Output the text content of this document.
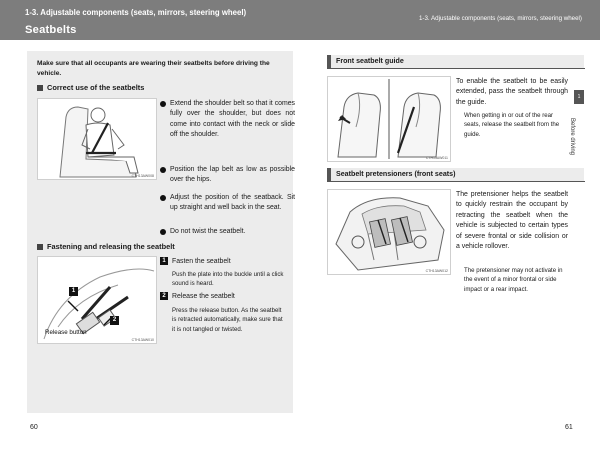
1-3. Adjustable components (seats, mirrors, steering wheel)
Seatbelts
Make sure that all occupants are wearing their seatbelts before driving the vehicle.
Correct use of the seatbelts
CTH13AW008
Extend the shoulder belt so that it comes fully over the shoulder, but does not come into contact with the neck or slide off the shoulder.
Position the lap belt as low as possible over the hips.
Adjust the position of the seatback. Sit up straight and well back in the seat.
Do not twist the seatbelt.
Fastening and releasing the seatbelt
1
2
Release button
CTH13AW010
1 Fasten the seatbelt
Push the plate into the buckle until a click sound is heard.
2 Release the seatbelt
Press the release button. As the seatbelt is retracted automatically, make sure that it is not tangled or twisted.
60
1-3. Adjustable components (seats, mirrors, steering wheel)
1
Before driving
Front seatbelt guide
CTH13AW011
To enable the seatbelt to be easily extended, pass the seatbelt through the guide.
When getting in or out of the rear seats, release the seatbelt from the guide.
Seatbelt pretensioners (front seats)
CTH13AW012
The pretensioner helps the seatbelt to quickly restrain the occupant by retracting the seatbelt when the vehicle is subjected to certain types of severe frontal or side collision or a vehicle rollover.
The pretensioner may not activate in the event of a minor frontal or side impact or a rear impact.
61
